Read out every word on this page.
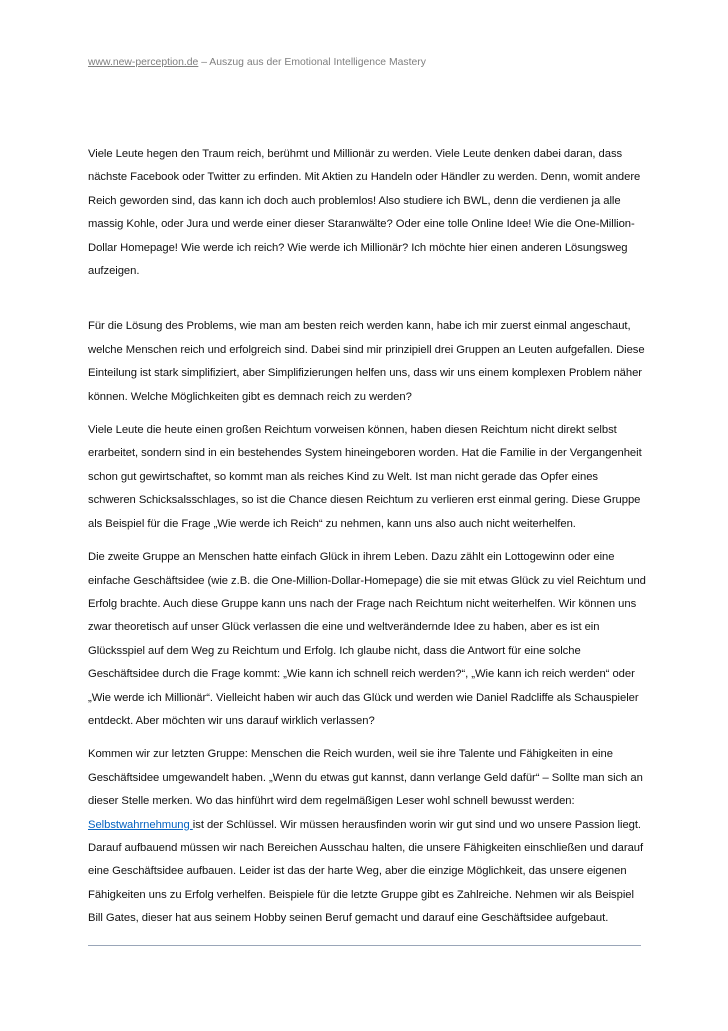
www.new-perception.de – Auszug aus der Emotional Intelligence Mastery

Viele Leute hegen den Traum reich, berühmt und Millionär zu werden. Viele Leute denken dabei daran, dass nächste Facebook oder Twitter zu erfinden. Mit Aktien zu Handeln oder Händler zu werden. Denn, womit andere Reich geworden sind, das kann ich doch auch problemlos! Also studiere ich BWL, denn die verdienen ja alle massig Kohle, oder Jura und werde einer dieser Staranwälte? Oder eine tolle Online Idee! Wie die One-Million-Dollar Homepage! Wie werde ich reich? Wie werde ich Millionär? Ich möchte hier einen anderen Lösungsweg aufzeigen.

Für die Lösung des Problems, wie man am besten reich werden kann, habe ich mir zuerst einmal angeschaut, welche Menschen reich und erfolgreich sind. Dabei sind mir prinzipiell drei Gruppen an Leuten aufgefallen. Diese Einteilung ist stark simplifiziert, aber Simplifizierungen helfen uns, dass wir uns einem komplexen Problem näher können. Welche Möglichkeiten gibt es demnach reich zu werden?

Viele Leute die heute einen großen Reichtum vorweisen können, haben diesen Reichtum nicht direkt selbst erarbeitet, sondern sind in ein bestehendes System hineingeboren worden. Hat die Familie in der Vergangenheit schon gut gewirtschaftet, so kommt man als reiches Kind zu Welt. Ist man nicht gerade das Opfer eines schweren Schicksalsschlages, so ist die Chance diesen Reichtum zu verlieren erst einmal gering. Diese Gruppe als Beispiel für die Frage „Wie werde ich Reich“ zu nehmen, kann uns also auch nicht weiterhelfen.

Die zweite Gruppe an Menschen hatte einfach Glück in ihrem Leben. Dazu zählt ein Lottogewinn oder eine einfache Geschäftsidee (wie z.B. die One-Million-Dollar-Homepage) die sie mit etwas Glück zu viel Reichtum und Erfolg brachte. Auch diese Gruppe kann uns nach der Frage nach Reichtum nicht weiterhelfen. Wir können uns zwar theoretisch auf unser Glück verlassen die eine und weltverändernde Idee zu haben, aber es ist ein Glücksspiel auf dem Weg zu Reichtum und Erfolg. Ich glaube nicht, dass die Antwort für eine solche Geschäftsidee durch die Frage kommt: „Wie kann ich schnell reich werden?“, „Wie kann ich reich werden“ oder „Wie werde ich Millionär“. Vielleicht haben wir auch das Glück und werden wie Daniel Radcliffe als Schauspieler entdeckt. Aber möchten wir uns darauf wirklich verlassen?

Kommen wir zur letzten Gruppe: Menschen die Reich wurden, weil sie ihre Talente und Fähigkeiten in eine Geschäftsidee umgewandelt haben. „Wenn du etwas gut kannst, dann verlange Geld dafür“ – Sollte man sich an dieser Stelle merken. Wo das hinführt wird dem regelmäßigen Leser wohl schnell bewusst werden: Selbstwahrnehmung ist der Schlüssel. Wir müssen herausfinden worin wir gut sind und wo unsere Passion liegt. Darauf aufbauend müssen wir nach Bereichen Ausschau halten, die unsere Fähigkeiten einschließen und darauf eine Geschäftsidee aufbauen. Leider ist das der harte Weg, aber die einzige Möglichkeit, das unsere eigenen Fähigkeiten uns zu Erfolg verhelfen. Beispiele für die letzte Gruppe gibt es Zahlreiche. Nehmen wir als Beispiel Bill Gates, dieser hat aus seinem Hobby seinen Beruf gemacht und darauf eine Geschäftsidee aufgebaut.
